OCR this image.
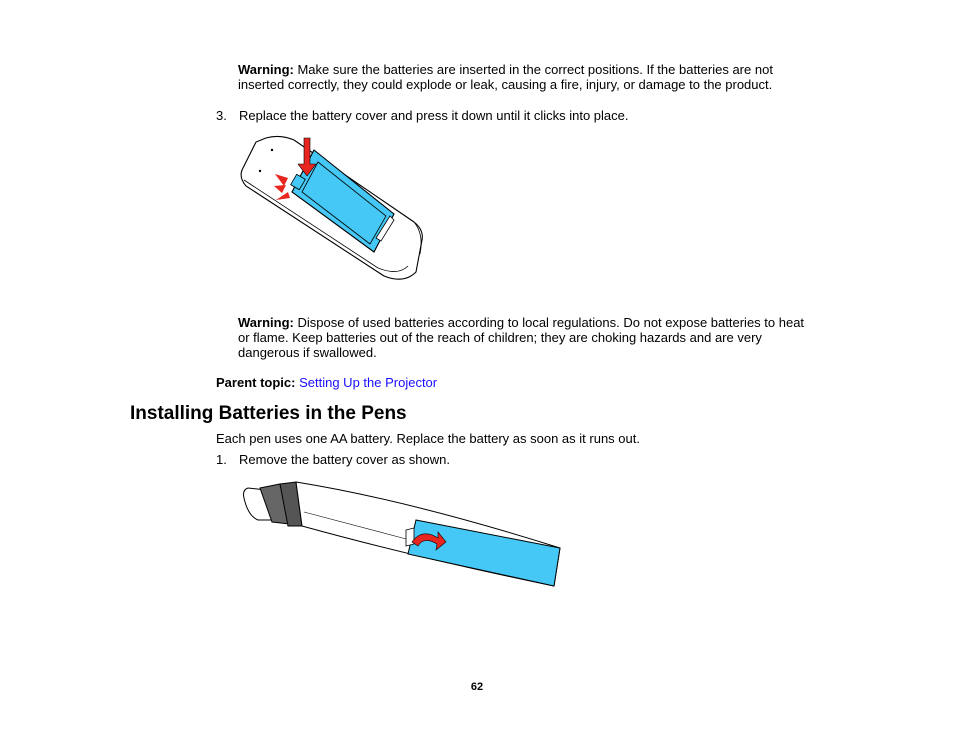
Warning: Make sure the batteries are inserted in the correct positions. If the batteries are not inserted correctly, they could explode or leak, causing a fire, injury, or damage to the product.
3. Replace the battery cover and press it down until it clicks into place.
Warning: Dispose of used batteries according to local regulations. Do not expose batteries to heat or flame. Keep batteries out of the reach of children; they are choking hazards and are very dangerous if swallowed.
Parent topic: Setting Up the Projector
Installing Batteries in the Pens
Each pen uses one AA battery. Replace the battery as soon as it runs out.
1. Remove the battery cover as shown.
62
